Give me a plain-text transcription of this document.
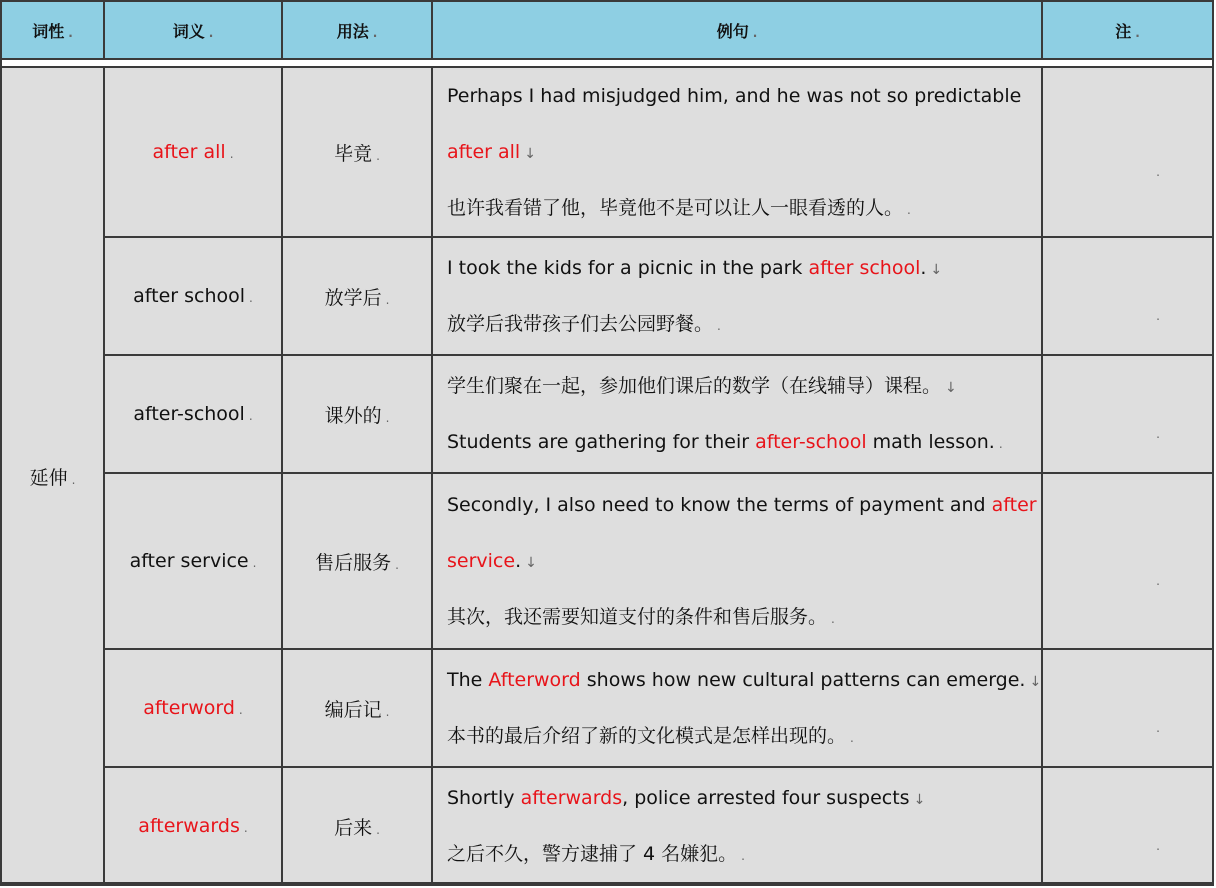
词性 .	词义 .	用法 .	例句 .	注 .

延伸 .	after all .	毕竟 .	Perhaps I had misjudged him, and he was not so predictable
after all ↓
也许我看错了他，毕竟他不是可以让人一眼看透的人。 .	.

	after school .	放学后 .	I took the kids for a picnic in the park after school. ↓
放学后我带孩子们去公园野餐。 .	.

	after-school .	课外的 .	学生们聚在一起，参加他们课后的数学（在线辅导）课程。 ↓
Students are gathering for their after-school math lesson. .	.

	after service .	售后服务 .	Secondly, I also need to know the terms of payment and after
service. ↓
其次，我还需要知道支付的条件和售后服务。 .	.

	afterword .	编后记 .	The Afterword shows how new cultural patterns can emerge. ↓
本书的最后介绍了新的文化模式是怎样出现的。 .	.

	afterwards .	后来 .	Shortly afterwards, police arrested four suspects ↓
之后不久，警方逮捕了 4 名嫌犯。 .	.
